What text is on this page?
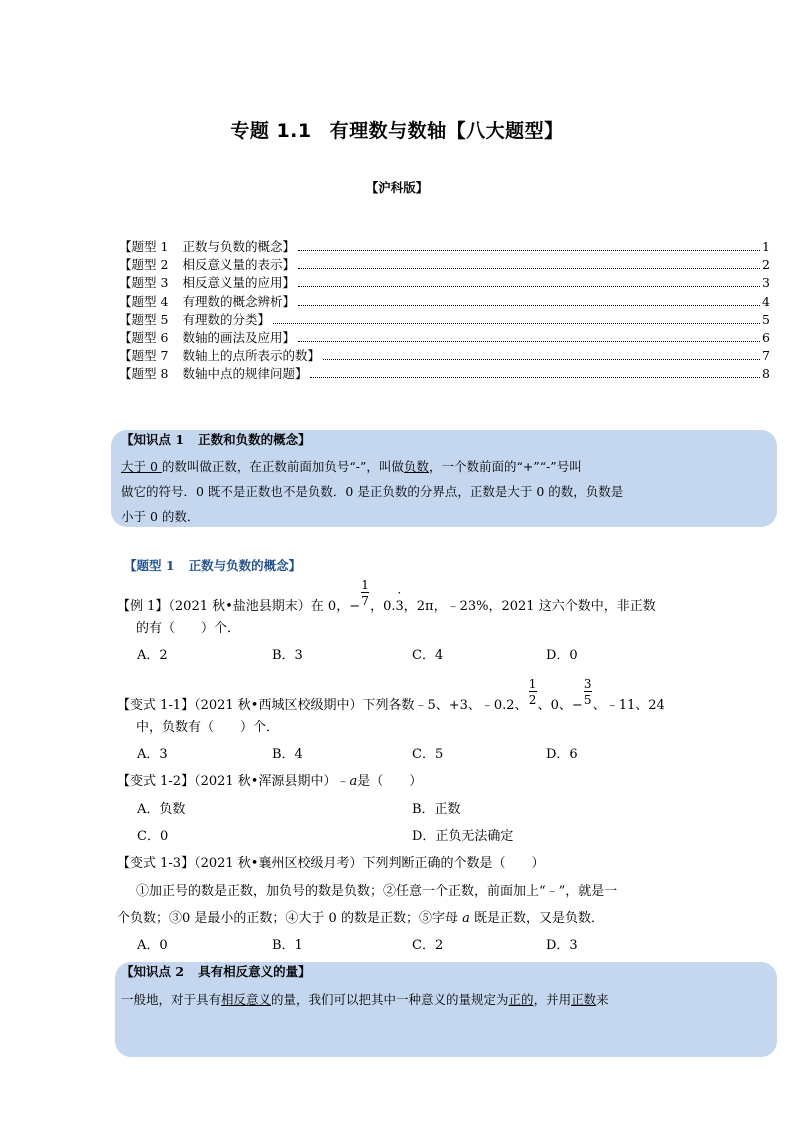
专题 1.1 有理数与数轴【八大题型】
【沪科版】
【题型 1 正数与负数的概念】	1
【题型 2 相反意义量的表示】	2
【题型 3 相反意义量的应用】	3
【题型 4 有理数的概念辨析】	4
【题型 5 有理数的分类】	5
【题型 6 数轴的画法及应用】	6
【题型 7 数轴上的点所表示的数】	7
【题型 8 数轴中点的规律问题】	8
【知识点 1 正数和负数的概念】
大于 0 的数叫做正数，在正数前面加负号“-”，叫做负数，一个数前面的“+”“-”号叫
做它的符号．0 既不是正数也不是负数．0 是正负数的分界点，正数是大于 0 的数，负数是
小于 0 的数．
【题型 1 正数与负数的概念】
【例 1】（2021 秋•盐池县期末）在 0，− $\frac{1}{7}$ ，0.· 3，2π，﹣23%，2021 这六个数中，非正数
的有（　　）个．
A．2	B．3	C．4	D．0
【变式 1-1】（2021 秋•西城区校级期中）下列各数﹣5、+3、﹣0.2、 $\frac{1}{2}$ 、0、− $\frac{3}{5}$ 、﹣11、24
中，负数有（　　）个．
A．3	B．4	C．5	D．6
【变式 1-2】（2021 秋•浑源县期中）﹣a是（　　）
A．负数	B．正数
C．0	D．正负无法确定
【变式 1-3】（2021 秋•襄州区校级月考）下列判断正确的个数是（　　）
①加正号的数是正数，加负号的数是负数；②任意一个正数，前面加上“﹣”，就是一
个负数；③0 是最小的正数；④大于 0 的数是正数；⑤字母 a 既是正数，又是负数．
A．0	B．1	C．2	D．3
【知识点 2 具有相反意义的量】
一般地，对于具有相反意义的量，我们可以把其中一种意义的量规定为正的，并用正数来
